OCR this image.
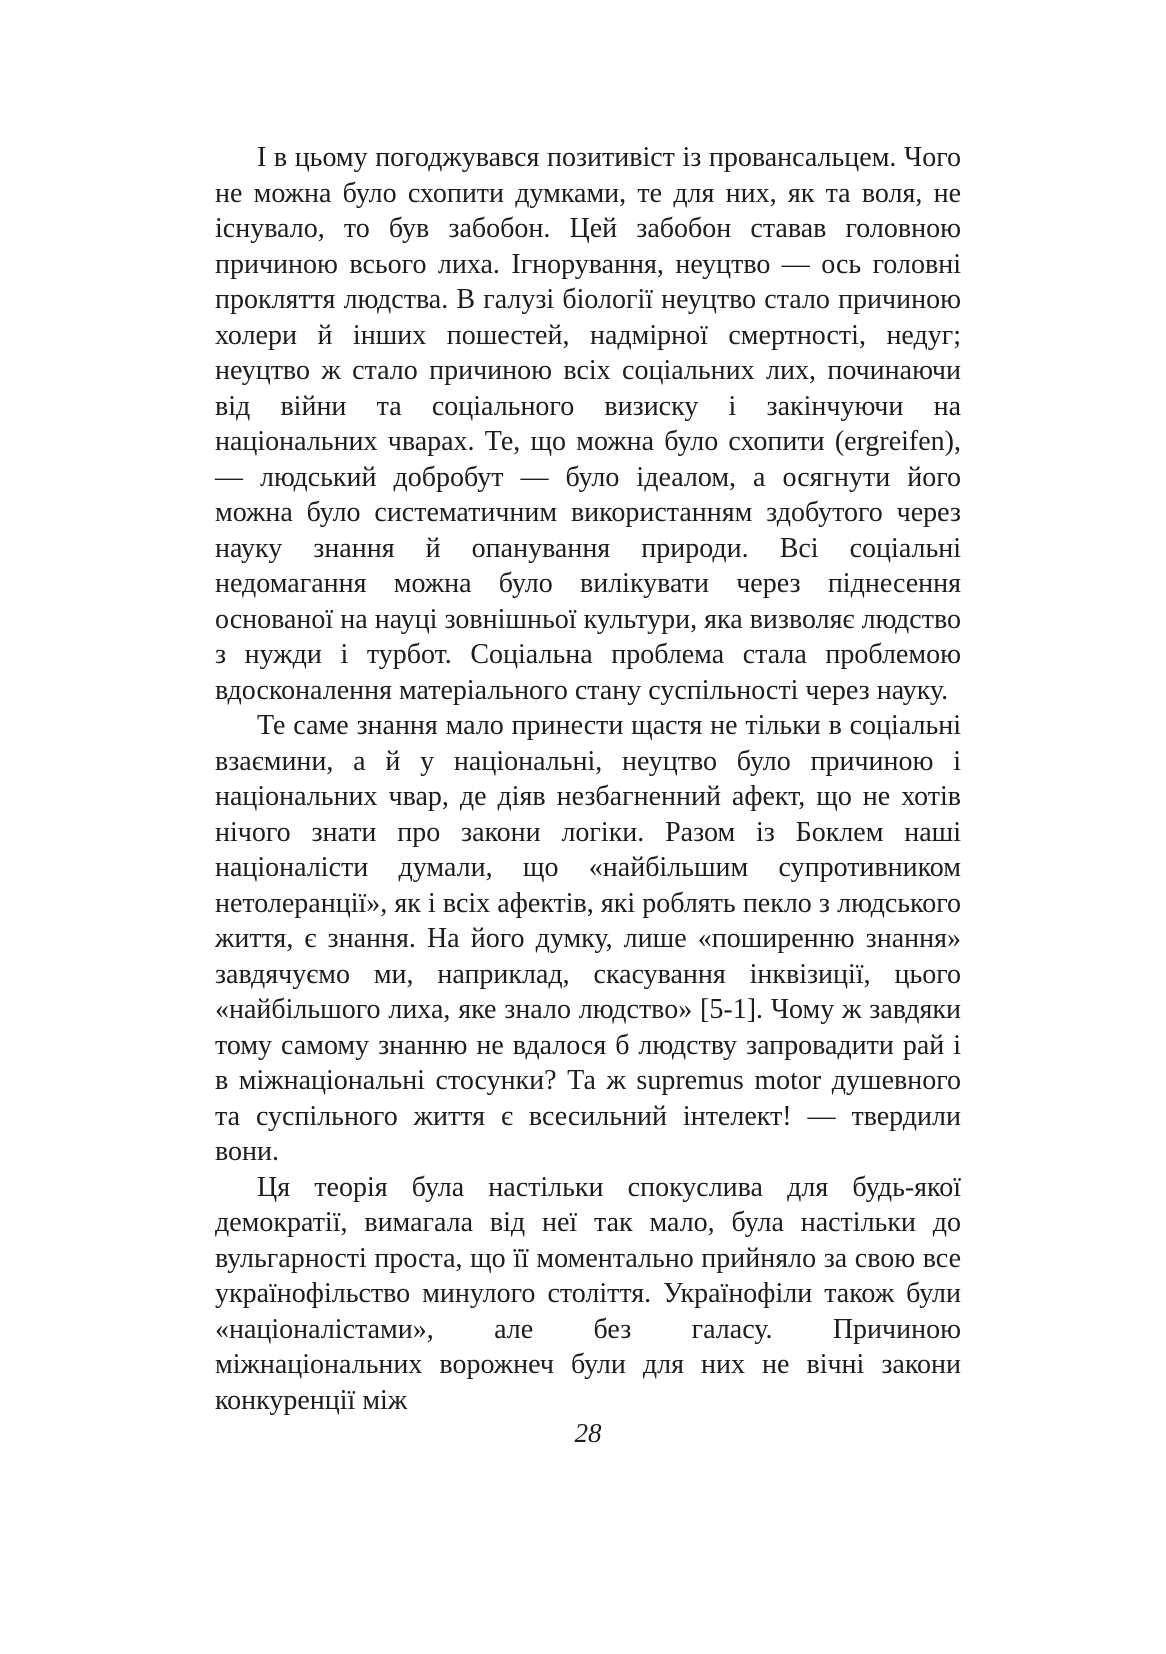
І в цьому погоджувався позитивіст із провансальцем. Чого не можна було схопити думками, те для них, як та воля, не існувало, то був забобон. Цей забобон ставав головною причиною всього лиха. Ігнорування, неуцтво — ось головні прокляття людства. В галузі біології неуцтво стало причиною холери й інших пошестей, надмірної смертності, недуг; неуцтво ж стало причиною всіх соціальних лих, починаючи від війни та соціального визиску і закінчуючи на національних чварах. Те, що можна було схопити (ergreifen), — людський добробут — було ідеалом, а осягнути його можна було систематичним використанням здобутого через науку знання й опанування природи. Всі соціальні недомагання можна було вилікувати через піднесення основаної на науці зовнішньої культури, яка визволяє людство з нужди і турбот. Соціальна проблема стала проблемою вдосконалення матеріального стану суспільності через науку.

Те саме знання мало принести щастя не тільки в соціальні взаємини, а й у національні, неуцтво було причиною і національних чвар, де діяв незбагненний афект, що не хотів нічого знати про закони логіки. Разом із Боклем наші націоналісти думали, що «найбільшим супротивником нетолеранції», як і всіх афектів, які роблять пекло з людського життя, є знання. На його думку, лише «поширенню знання» завдячуємо ми, наприклад, скасування інквізиції, цього «найбільшого лиха, яке знало людство» [5-1]. Чому ж завдяки тому самому знанню не вдалося б людству запровадити рай і в міжнаціональні стосунки? Та ж supremus motor душевного та суспільного життя є всесильний інтелект! — твердили вони.

Ця теорія була настільки спокуслива для будь-якої демократії, вимагала від неї так мало, була настільки до вульгарності проста, що її моментально прийняло за свою все українофільство минулого століття. Українофіли також були «націоналістами», але без галасу. Причиною міжнаціональних ворожнеч були для них не вічні закони конкуренції між

28
